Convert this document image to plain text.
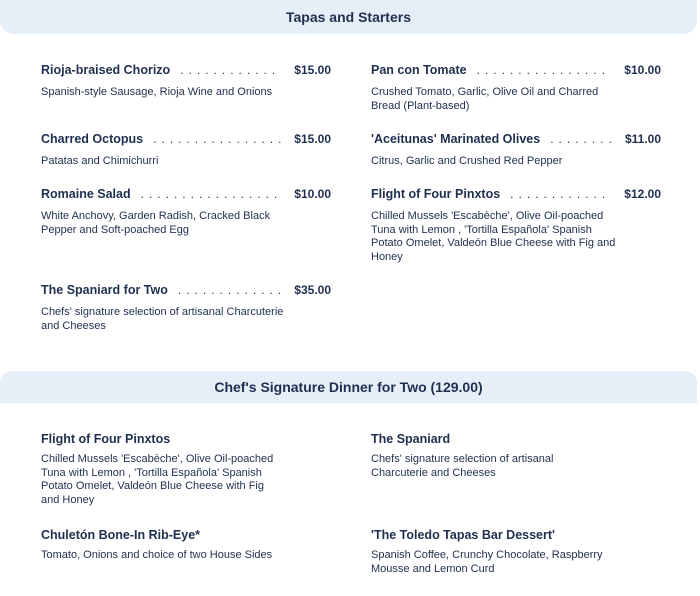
Tapas and Starters
Rioja-braised Chorizo .....	$15.00
Spanish-style Sausage, Rioja Wine and Onions
Pan con Tomate .....	$10.00
Crushed Tomato, Garlic, Olive Oil and Charred Bread (Plant-based)
Charred Octopus .....	$15.00
Patatas and Chimichurri
'Aceitunas' Marinated Olives .....	$11.00
Citrus, Garlic and Crushed Red Pepper
Romaine Salad .....	$10.00
White Anchovy, Garden Radish, Cracked Black Pepper and Soft-poached Egg
Flight of Four Pinxtos .....	$12.00
Chilled Mussels 'Escabèche', Olive Oil-poached Tuna with Lemon , 'Tortilla Española' Spanish Potato Omelet, Valdeón Blue Cheese with Fig and Honey
The Spaniard for Two .....	$35.00
Chefs' signature selection of artisanal Charcuterie and Cheeses
Chef's Signature Dinner for Two (129.00)
Flight of Four Pinxtos
Chilled Mussels 'Escabèche', Olive Oil-poached Tuna with Lemon , 'Tortilla Española' Spanish Potato Omelet, Valdeón Blue Cheese with Fig and Honey
The Spaniard
Chefs' signature selection of artisanal Charcuterie and Cheeses
Chuletón Bone-In Rib-Eye*
Tomato, Onions and choice of two House Sides
'The Toledo Tapas Bar Dessert'
Spanish Coffee, Crunchy Chocolate, Raspberry Mousse and Lemon Curd
